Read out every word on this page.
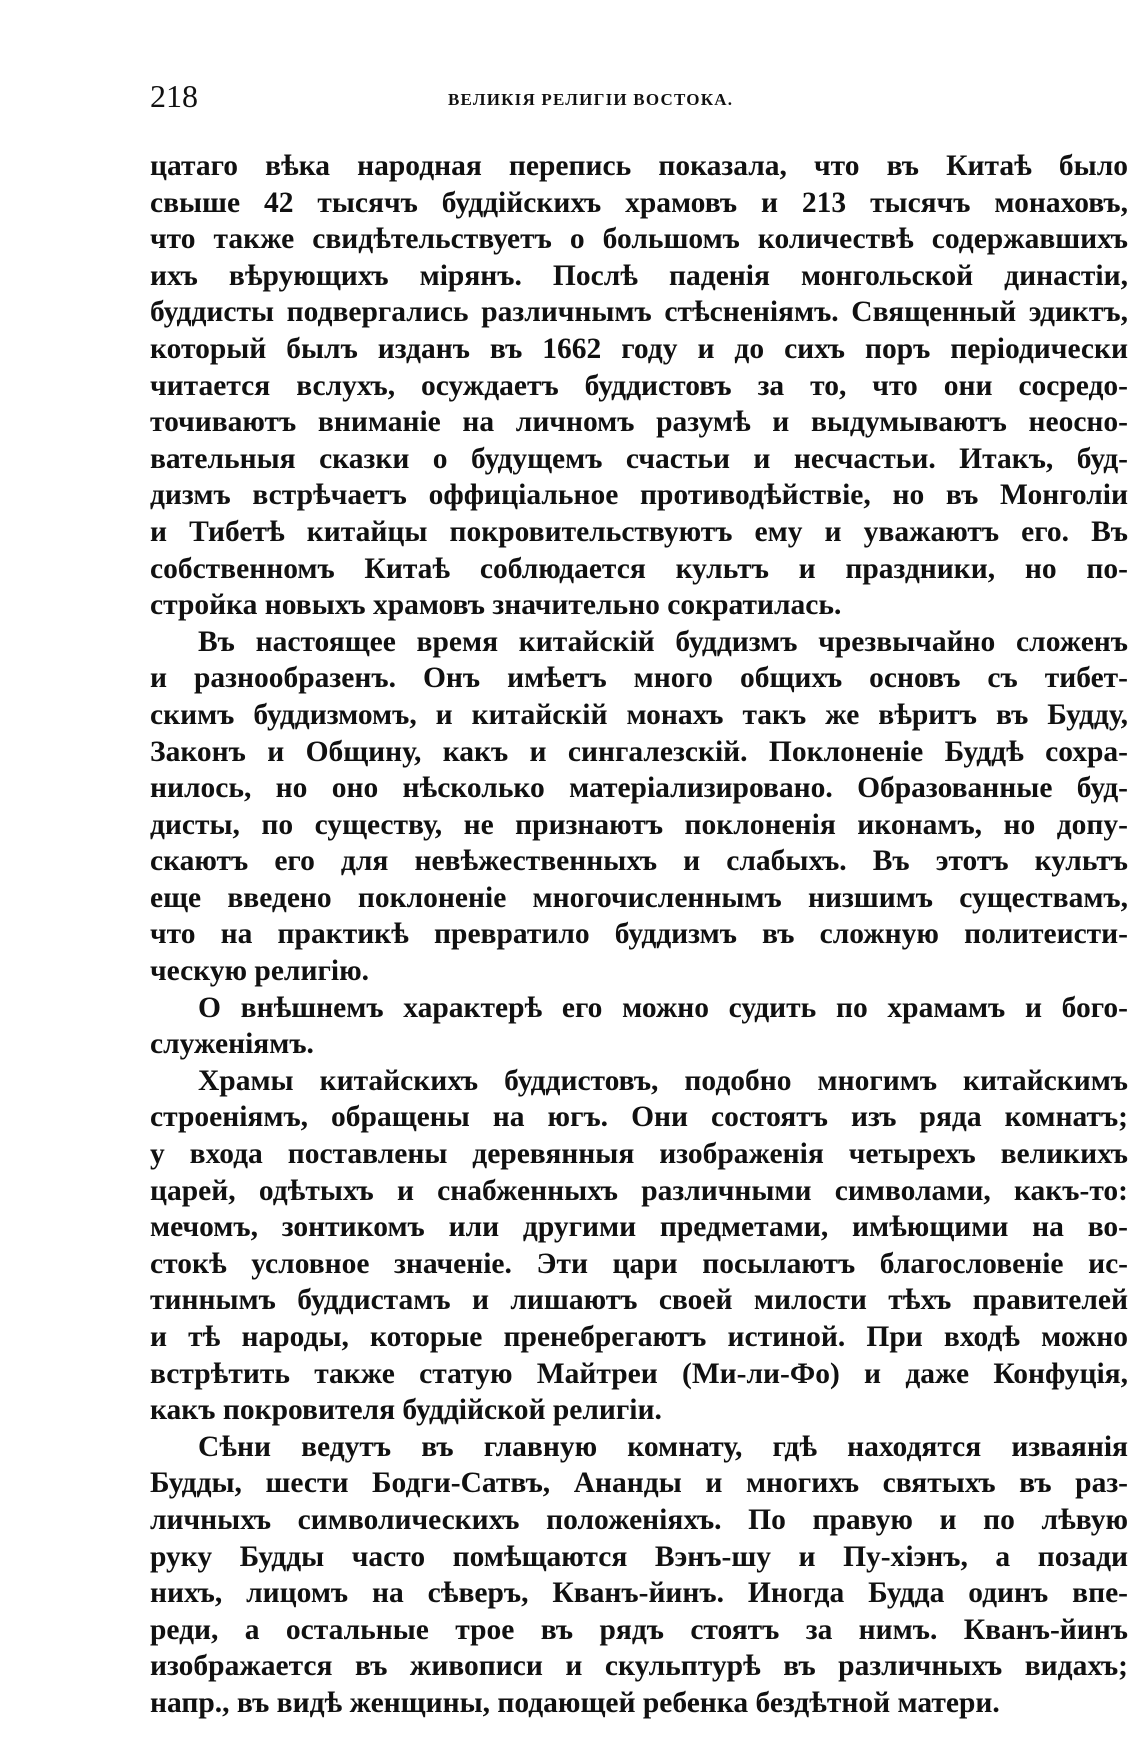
218	ВЕЛИКІЯ РЕЛИГІИ ВОСТОКА.
цатаго вѣка народная перепись показала, что въ Китаѣ было
свыше 42 тысячъ буддійскихъ храмовъ и 213 тысячъ монаховъ,
что также свидѣтельствуетъ о большомъ количествѣ содержавшихъ
ихъ вѣрующихъ мірянъ. Послѣ паденія монгольской династіи,
буддисты подвергались различнымъ стѣсненіямъ. Священный эдиктъ,
который былъ изданъ въ 1662 году и до сихъ поръ періодически
читается вслухъ, осуждаетъ буддистовъ за то, что они сосредо-
точиваютъ вниманіе на личномъ разумѣ и выдумываютъ неосно-
вательныя сказки о будущемъ счастьи и несчастьи. Итакъ, буд-
дизмъ встрѣчаетъ оффиціальное противодѣйствіе, но въ Монголіи
и Тибетѣ китайцы покровительствуютъ ему и уважаютъ его. Въ
собственномъ Китаѣ соблюдается культъ и праздники, но по-
стройка новыхъ храмовъ значительно сократилась.
Въ настоящее время китайскій буддизмъ чрезвычайно сложенъ
и разнообразенъ. Онъ имѣетъ много общихъ основъ съ тибет-
скимъ буддизмомъ, и китайскій монахъ такъ же вѣритъ въ Будду,
Законъ и Общину, какъ и сингалезскій. Поклоненіе Буддѣ сохра-
нилось, но оно нѣсколько матеріализировано. Образованные буд-
дисты, по существу, не признаютъ поклоненія иконамъ, но допу-
скаютъ его для невѣжественныхъ и слабыхъ. Въ этотъ культъ
еще введено поклоненіе многочисленнымъ низшимъ существамъ,
что на практикѣ превратило буддизмъ въ сложную политеисти-
ческую религію.
О внѣшнемъ характерѣ его можно судить по храмамъ и бого-
служеніямъ.
Храмы китайскихъ буддистовъ, подобно многимъ китайскимъ
строеніямъ, обращены на югъ. Они состоятъ изъ ряда комнатъ;
у входа поставлены деревянныя изображенія четырехъ великихъ
царей, одѣтыхъ и снабженныхъ различными символами, какъ-то:
мечомъ, зонтикомъ или другими предметами, имѣющими на во-
стокѣ условное значеніе. Эти цари посылаютъ благословеніе ис-
тиннымъ буддистамъ и лишаютъ своей милости тѣхъ правителей
и тѣ народы, которые пренебрегаютъ истиной. При входѣ можно
встрѣтить также статую Майтреи (Ми-ли-Фо) и даже Конфуція,
какъ покровителя буддійской религіи.
Сѣни ведутъ въ главную комнату, гдѣ находятся изваянія
Будды, шести Бодги-Сатвъ, Ананды и многихъ святыхъ въ раз-
личныхъ символическихъ положеніяхъ. По правую и по лѣвую
руку Будды часто помѣщаются Вэнъ-шу и Пу-хіэнъ, а позади
нихъ, лицомъ на сѣверъ, Кванъ-йинъ. Иногда Будда одинъ впе-
реди, а остальные трое въ рядъ стоятъ за нимъ. Кванъ-йинъ
изображается въ живописи и скульптурѣ въ различныхъ видахъ;
напр., въ видѣ женщины, подающей ребенка бездѣтной матери.
